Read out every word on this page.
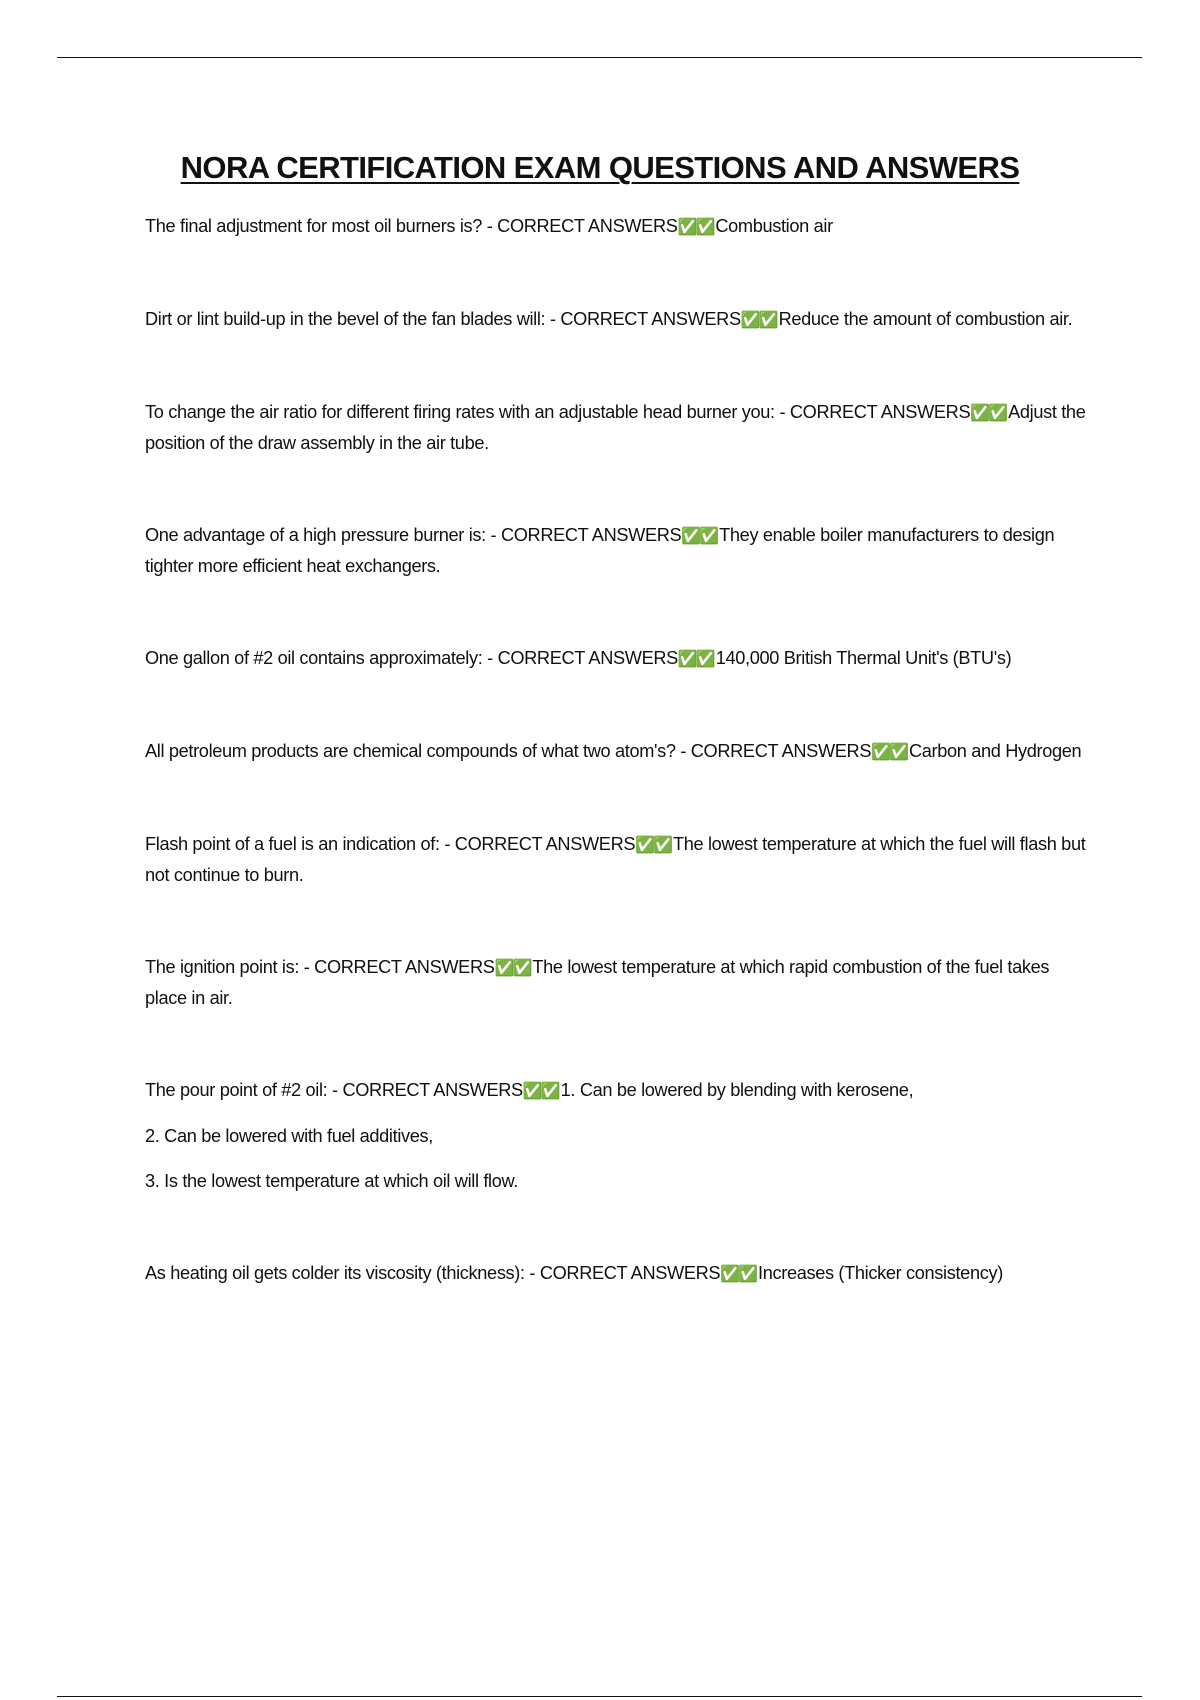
NORA CERTIFICATION EXAM QUESTIONS AND ANSWERS

The final adjustment for most oil burners is? - CORRECT ANSWERS✅✅ Combustion air

Dirt or lint build-up in the bevel of the fan blades will: - CORRECT ANSWERS✅✅ Reduce the amount of combustion air.

To change the air ratio for different firing rates with an adjustable head burner you: - CORRECT ANSWERS✅✅ Adjust the position of the draw assembly in the air tube.

One advantage of a high pressure burner is: - CORRECT ANSWERS✅✅ They enable boiler manufacturers to design tighter more efficient heat exchangers.

One gallon of #2 oil contains approximately: - CORRECT ANSWERS✅✅ 140,000 British Thermal Unit's (BTU's)

All petroleum products are chemical compounds of what two atom's? - CORRECT ANSWERS✅✅ Carbon and Hydrogen

Flash point of a fuel is an indication of: - CORRECT ANSWERS✅✅ The lowest temperature at which the fuel will flash but not continue to burn.

The ignition point is: - CORRECT ANSWERS✅✅ The lowest temperature at which rapid combustion of the fuel takes place in air.

The pour point of #2 oil: - CORRECT ANSWERS✅✅ 1. Can be lowered by blending with kerosene,
2. Can be lowered with fuel additives,
3. Is the lowest temperature at which oil will flow.

As heating oil gets colder its viscosity (thickness): - CORRECT ANSWERS✅✅ Increases (Thicker consistency)
